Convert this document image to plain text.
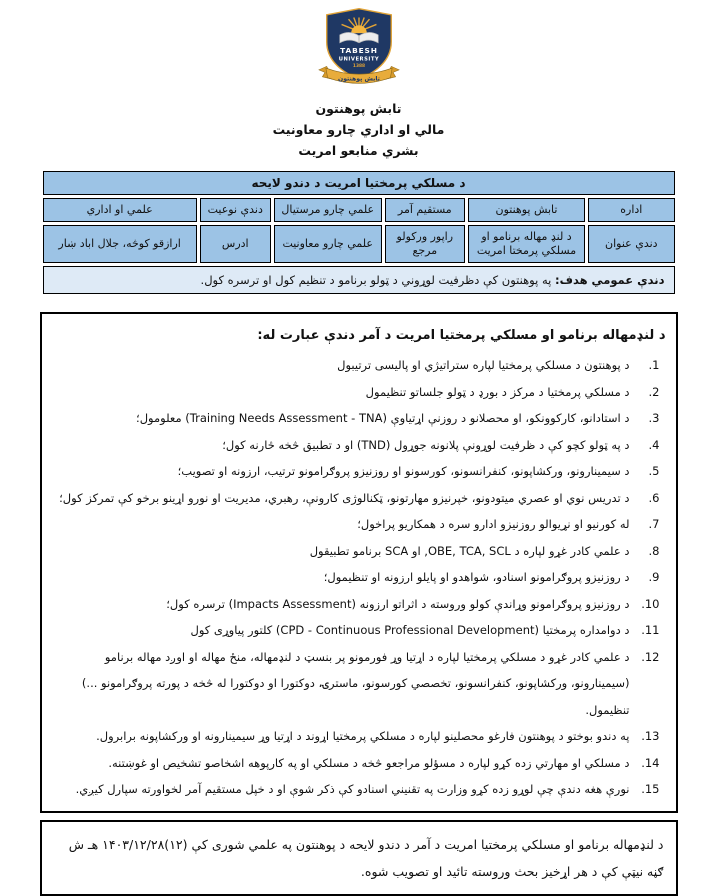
TABESH
UNIVERSITY
1388
تابش پوهنتون
تابش پوهنتون
مالي او اداري چارو معاونیت
بشري منابعو امریت
د مسلکي پرمختیا امریت د دندو لایحه					
اداره	تابش پوهنتون	مستقیم آمر	علمي چارو مرستیال	دندې نوعیت	علمي او اداري
دندې عنوان	د لنډ مهاله برنامو او مسلکي پرمختا امریت	راپور ورکولو مرجع	علمي چارو معاونیت	ادرس	ارازقو کوڅه، جلال اباد ښار
دندې عمومي هدف: په پوهنتون کې دظرفیت لوړوني د ټولو برنامو د تنظیم کول او ترسره کول.					
د لنډمهاله برنامو او مسلکي پرمختیا امریت د آمر دندې عبارت له:
1.
د پوهنتون د مسلکي پرمختیا لپاره ستراتیژي او پالیسی ترتیبول
2.
د مسلکي پرمختیا د مرکز د بورډ د ټولو جلساتو تنظیمول
3.
د استادانو، کارکوونکو، او محصلانو د روزنې اړتیاوې (Training Needs Assessment - TNA) معلومول؛
4.
د په ټولو کچو کې د ظرفیت لوړونې پلانونه جوړول (TND) او د تطبیق څخه څارنه کول؛
5.
د سیمینارونو، ورکشاپونو، کنفرانسونو، کورسونو او روزنیزو پروګرامونو ترتیب، ارزونه او تصویب؛
6.
د تدریس نوي او عصري میتودونو، خپرنیزو مهارتونو، ټکنالوژی کارونې، رهبري، مدیریت او نورو اړینو برخو کې تمرکز کول؛
7.
له کورنیو او نړیوالو روزنیزو ادارو سره د همکاریو پراخول؛
8.
د علمي کادر غړو لپاره د OBE, TCA, SCL, او SCA برنامو تطبیقول
9.
د روزنیزو پروګرامونو اسنادو، شواهدو او پایلو ارزونه او تنظیمول؛
10.
د روزنیزو پروګرامونو وړاندې کولو وروسته د اثراتو ارزونه (Impacts Assessment) ترسره کول؛
11.
د دوامداره پرمختیا (CPD - Continuous Professional Development) کلتور پیاوړی کول
12.
د علمي کادر غړو د مسلکي پرمختیا لپاره د اړتیا وړ فورمونو پر بنسټ د لنډمهاله، منځ مهاله او اوږد مهاله برنامو (سیمینارونو، ورکشاپونو، کنفرانسونو، تخصصي کورسونو، ماسترۍ، دوکتورا او دوکتورا له څخه د پورته پروګرامونو ...) تنظیمول.
13.
په دندو بوختو د پوهنتون فارغو محصلینو لپاره د مسلکي پرمختیا اړوند د اړتیا وړ سیمینارونه او ورکشاپونه برابرول.
14.
د مسلکي او مهارتي زده کړو لپاره د مسؤلو مراجعو څخه د مسلکي او په کارپوهه اشخاصو تشخیص او غوښتنه.
15.
نورې هغه دندې چې لوړو زده کړو وزارت په تقنیني اسنادو کې ذکر شوې او د خپل مستقیم آمر لخواورته سپارل کیږي.
د لنډمهاله برنامو او مسلکي پرمختیا امریت د آمر د دندو لایحه د پوهنتون په علمي شوری کې (۱۲)۱۴۰۳/۱۲/۲۸ هـ ش ګڼه نیټې کې د هر اړخیز بحث وروسته تائید او تصویب شوه.
